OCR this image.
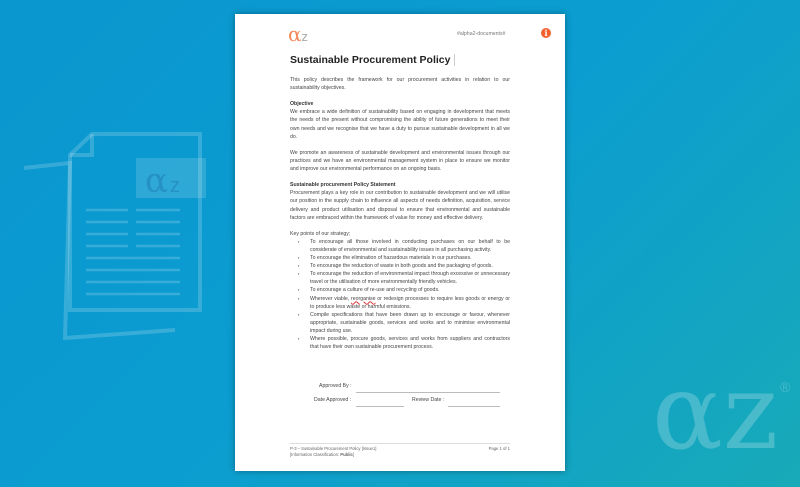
α z
αz ®
αz	#alpha2-documents#	i
Sustainable Procurement Policy

This policy describes the framework for our procurement activities in relation to our sustainability objectives.

Objective

We embrace a wide definition of sustainability based on engaging in development that meets the needs of the present without compromising the ability of future generations to meet their own needs and we recognise that we have a duty to pursue sustainable development in all we do.

We promote an awareness of sustainable development and environmental issues through our practices and we have an environmental management system in place to ensure we monitor and improve our environmental performance on an ongoing basis.

Sustainable procurement Policy Statement

Procurement plays a key role in our contribution to sustainable development and we will utilise our position in the supply chain to influence all aspects of needs definition, acquisition, service delivery and product utilisation and disposal to ensure that environmental and sustainable factors are embraced within the framework of value for money and effective delivery.

Key points of our strategy;
▪ To encourage all those involved in conducting purchases on our behalf to be considerate of environmental and sustainability issues in all purchasing activity.
▪ To encourage the elimination of hazardous materials in our purchases.
▪ To encourage the reduction of waste in both goods and the packaging of goods.
▪ To encourage the reduction of environmental impact through excessive or unnecessary travel or the utilisation of more environmentally friendly vehicles.
▪ To encourage a culture of re-use and recycling of goods.
▪ Wherever viable, reorganise or redesign processes to require less goods or energy or to produce less waste or harmful emissions.
▪ Compile specifications that have been drawn up to encourage or favour, whenever appropriate, sustainable goods, services and works and to minimise environmental impact during use.
▪ Where possible, procure goods, services and works from suppliers and contractors that have their own sustainable procurement process.
Approved By :
Date Approved :	Review Date :
P-3 – Sustainable Procurement Policy [Issue1]
[Information Classification: Public]
Page 1 of 1
